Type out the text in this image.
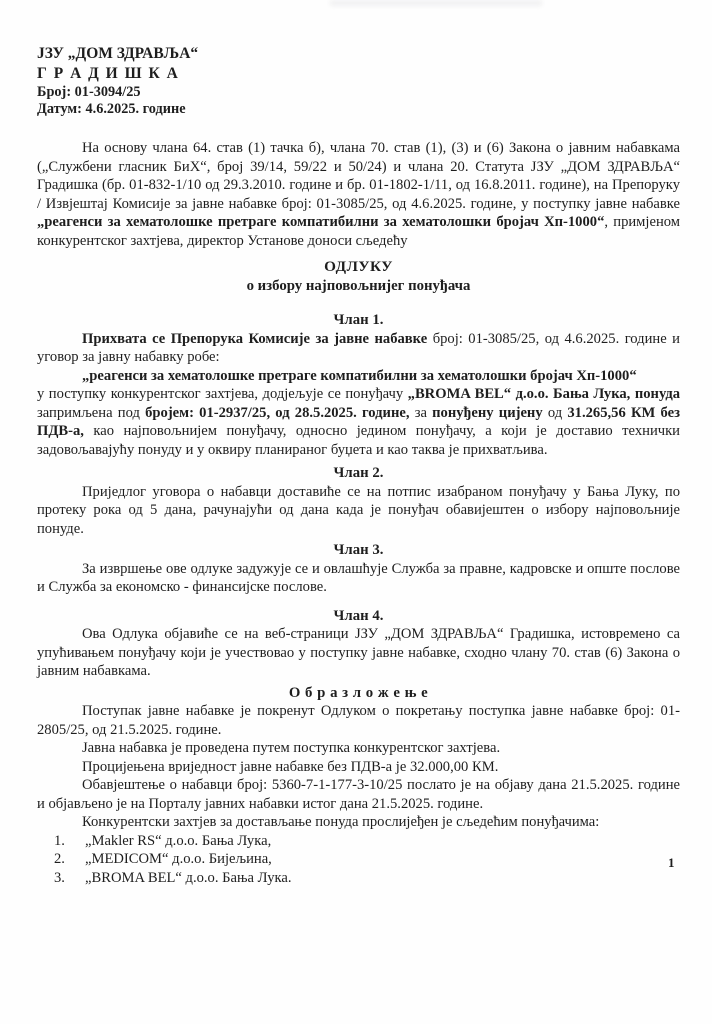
ЈЗУ „ДОМ ЗДРАВЉА“
Г Р А Д И Ш К А
Број: 01-3094/25
Датум: 4.6.2025. године

На основу члана 64. став (1) тачка б), члана 70. став (1), (3) и (6) Закона о јавним набавкама („Службени гласник БиХ“, број 39/14, 59/22 и 50/24) и члана 20. Статута ЈЗУ „ДОМ ЗДРАВЉА“ Градишка (бр. 01-832-1/10 од 29.3.2010. године и бр. 01-1802-1/11, од 16.8.2011. године), на Препоруку / Извјештај Комисије за јавне набавке број: 01-3085/25, од 4.6.2025. године, у поступку јавне набавке „реагенси за хематолошке претраге компатибилни за хематолошки бројач Хп-1000“, примјеном конкурентског захтјева, директор Установе доноси сљедећу

ОДЛУКУ
о избору најповољнијег понуђача
Члан 1.

Прихвата се Препорука Комисије за јавне набавке број: 01-3085/25, од 4.6.2025. године и уговор за јавну набавку робе:

„реагенси за хематолошке претраге компатибилни за хематолошки бројач Хп-1000“

у поступку конкурентског захтјева, додјељује се понуђачу „BROMA BEL“ д.о.о. Бања Лука, понуда запримљена под бројем: 01-2937/25, од 28.5.2025. године, за понуђену цијену од 31.265,56 КМ без ПДВ-а, као најповољнијем понуђачу, односно једином понуђачу, а који је доставио технички задовољавајућу понуду и у оквиру планираног буџета и као таква је прихватљива.

Члан 2.

Приједлог уговора о набавци доставиће се на потпис изабраном понуђачу у Бања Луку, по протеку рока од 5 дана, рачунајући од дана када је понуђач обавијештен о избору најповољније понуде.

Члан 3.

За извршење ове одлуке задужује се и овлашћује Служба за правне, кадровске и опште послове и Служба за економско - финансијске послове.

Члан 4.

Ова Одлука објавиће се на веб-страници ЈЗУ „ДОМ ЗДРАВЉА“ Градишка, истовремено са упућивањем понуђачу који је учествовао у поступку јавне набавке, сходно члану 70. став (6) Закона о јавним набавкама.

О б р а з л о ж е њ е

Поступак јавне набавке је покренут Одлуком о покретању поступка јавне набавке број: 01-2805/25, од 21.5.2025. године.

Јавна набавка је проведена путем поступка конкурентског захтјева.

Процијењена вриједност јавне набавке без ПДВ-а је 32.000,00 КМ.

Обавјештење о набавци број: 5360-7-1-177-3-10/25 послато је на објаву дана 21.5.2025. године и објављено је на Порталу јавних набавки истог дана 21.5.2025. године.

Конкурентски захтјев за достављање понуда прослијеђен је сљедећим понуђачима:

„Makler RS“ д.о.о. Бања Лука,
„MEDICOM“ д.о.о. Бијељина,
„BROMA BEL“ д.о.о. Бања Лука.
1
